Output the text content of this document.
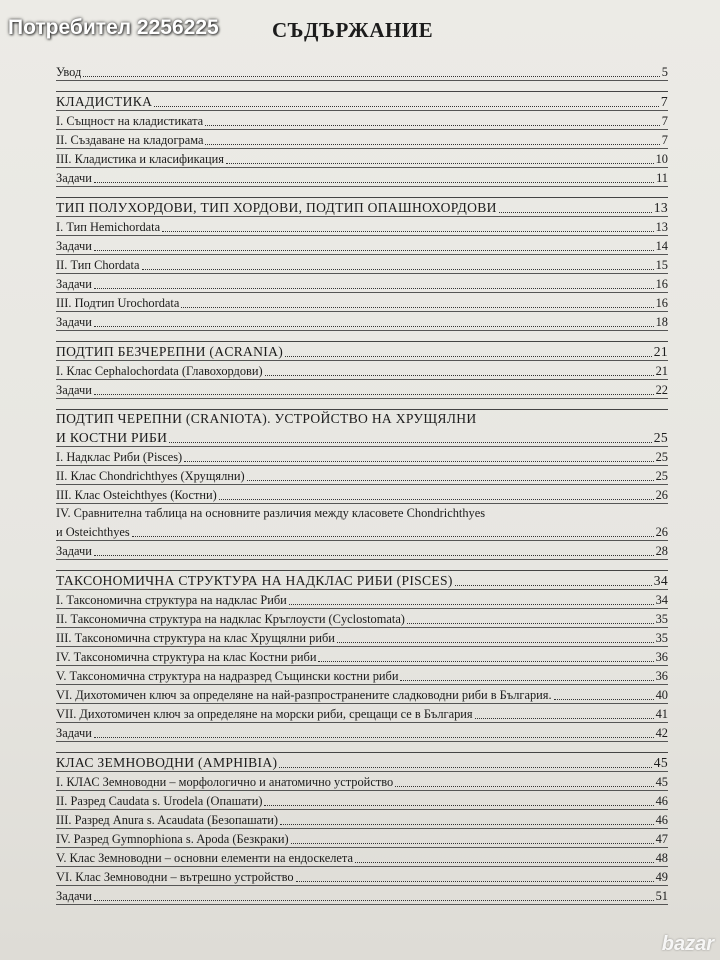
Потребител 2256225	СЪДЪРЖАНИЕ
Увод	5
КЛАДИСТИКА	7
I. Същност на кладистиката	7
II. Създаване на кладограма	7
III. Кладистика и класификация	10
Задачи	11
ТИП ПОЛУХОРДОВИ, ТИП ХОРДОВИ, ПОДТИП ОПАШНОХОРДОВИ	13
I. Тип Hemichordata	13
Задачи	14
II. Тип Chordata	15
Задачи	16
III. Подтип Urochordata	16
Задачи	18
ПОДТИП БЕЗЧЕРЕПНИ (ACRANIA)	21
I. Клас Cephalochordata (Главохордови)	21
Задачи	22
ПОДТИП ЧЕРЕПНИ (CRANIOTA). УСТРОЙСТВО НА ХРУЩЯЛНИ
И КОСТНИ РИБИ	25
I. Надклас Риби (Pisces)	25
II. Клас Chondrichthyes (Хрущялни)	25
III. Клас Osteichthyes (Костни)	26
IV. Сравнителна таблица на основните различия между класовете Chondrichthyes
и Osteichthyes	26
Задачи	28
ТАКСОНОМИЧНА СТРУКТУРА НА НАДКЛАС РИБИ (PISCES)	34
I. Таксономична структура на надклас Риби	34
II. Таксономична структура на надклас Кръглоусти (Cyclostomata)	35
III. Таксономична структура на клас Хрущялни риби	35
IV. Таксономична структура на клас Костни риби	36
V. Таксономична структура на надразред Същински костни риби	36
VI. Дихотомичен ключ за определяне на най-разпространените сладководни риби в България.	40
VII. Дихотомичен ключ за определяне на морски риби, срещащи се в България	41
Задачи	42
КЛАС ЗЕМНОВОДНИ (AMPHIBIA)	45
I. КЛАС Земноводни – морфологично и анатомично устройство	45
II. Разред Caudata s. Urodela (Опашати)	46
III. Разред Anura s. Acaudata (Безопашати)	46
IV. Разред Gymnophiona s. Apoda (Безкраки)	47
V. Клас Земноводни – основни елементи на ендоскелета	48
VI. Клас Земноводни – вътрешно устройство	49
Задачи	51
bazar
